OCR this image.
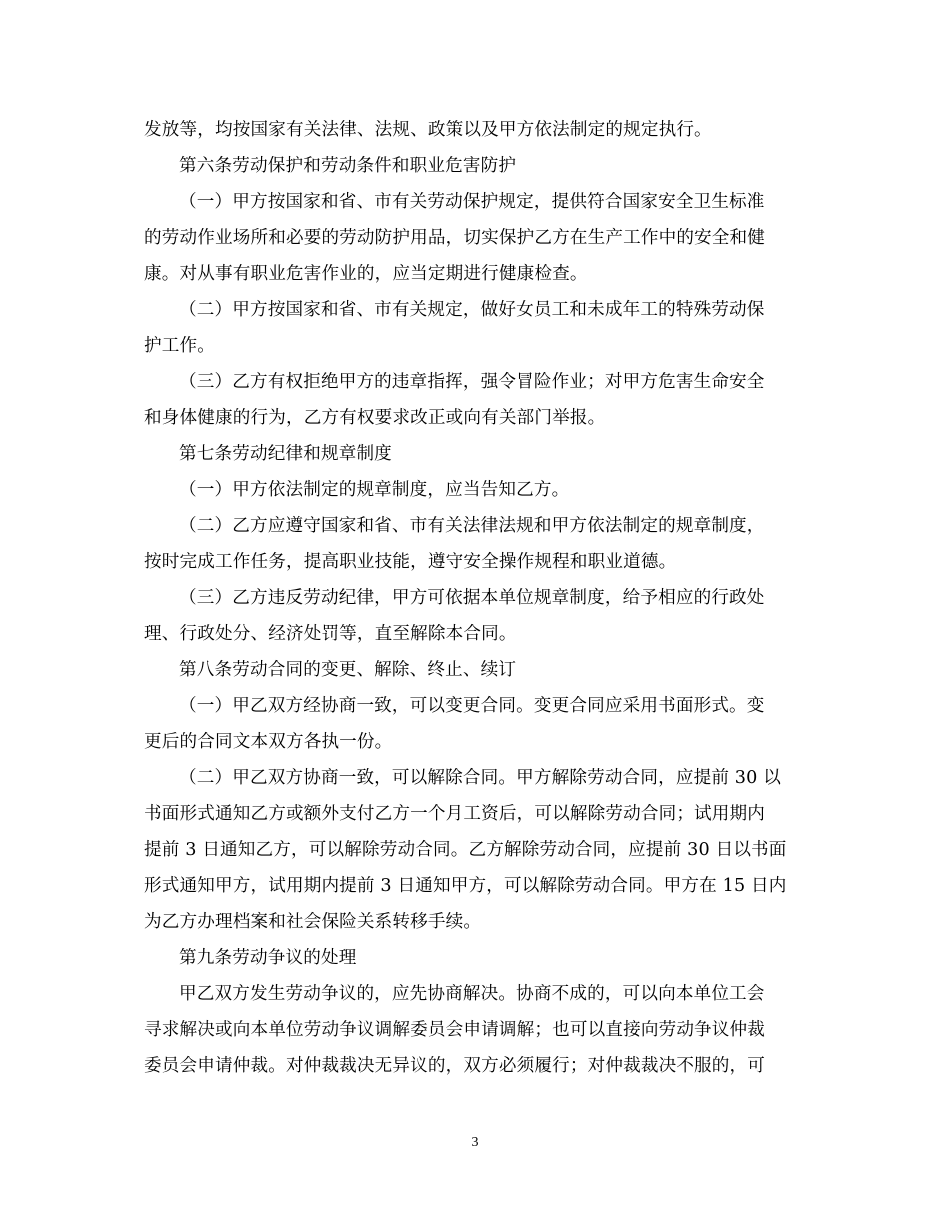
发放等，均按国家有关法律、法规、政策以及甲方依法制定的规定执行。
第六条劳动保护和劳动条件和职业危害防护
（一）甲方按国家和省、市有关劳动保护规定，提供符合国家安全卫生标准
的劳动作业场所和必要的劳动防护用品，切实保护乙方在生产工作中的安全和健
康。对从事有职业危害作业的，应当定期进行健康检查。
（二）甲方按国家和省、市有关规定，做好女员工和未成年工的特殊劳动保
护工作。
（三）乙方有权拒绝甲方的违章指挥，强令冒险作业；对甲方危害生命安全
和身体健康的行为，乙方有权要求改正或向有关部门举报。
第七条劳动纪律和规章制度
（一）甲方依法制定的规章制度，应当告知乙方。
（二）乙方应遵守国家和省、市有关法律法规和甲方依法制定的规章制度，
按时完成工作任务，提高职业技能，遵守安全操作规程和职业道德。
（三）乙方违反劳动纪律，甲方可依据本单位规章制度，给予相应的行政处
理、行政处分、经济处罚等，直至解除本合同。
第八条劳动合同的变更、解除、终止、续订
（一）甲乙双方经协商一致，可以变更合同。变更合同应采用书面形式。变
更后的合同文本双方各执一份。
（二）甲乙双方协商一致，可以解除合同。甲方解除劳动合同，应提前 30 以
书面形式通知乙方或额外支付乙方一个月工资后，可以解除劳动合同；试用期内
提前 3 日通知乙方，可以解除劳动合同。乙方解除劳动合同，应提前 30 日以书面
形式通知甲方，试用期内提前 3 日通知甲方，可以解除劳动合同。甲方在 15 日内
为乙方办理档案和社会保险关系转移手续。
第九条劳动争议的处理
甲乙双方发生劳动争议的，应先协商解决。协商不成的，可以向本单位工会
寻求解决或向本单位劳动争议调解委员会申请调解；也可以直接向劳动争议仲裁
委员会申请仲裁。对仲裁裁决无异议的，双方必须履行；对仲裁裁决不服的，可
3
